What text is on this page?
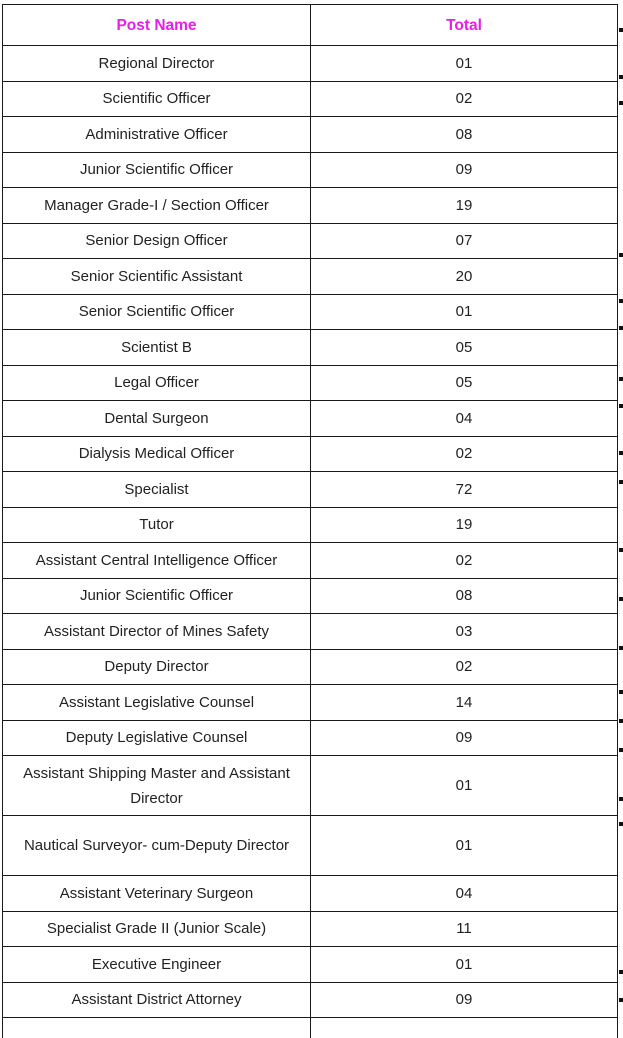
Post Name	Total
Regional Director	01
Scientific Officer	02
Administrative Officer	08
Junior Scientific Officer	09
Manager Grade-I / Section Officer	19
Senior Design Officer	07
Senior Scientific Assistant	20
Senior Scientific Officer	01
Scientist B	05
Legal Officer	05
Dental Surgeon	04
Dialysis Medical Officer	02
Specialist	72
Tutor	19
Assistant Central Intelligence Officer	02
Junior Scientific Officer	08
Assistant Director of Mines Safety	03
Deputy Director	02
Assistant Legislative Counsel	14
Deputy Legislative Counsel	09
Assistant Shipping Master and Assistant Director	01
Nautical Surveyor- cum-Deputy Director	01
Assistant Veterinary Surgeon	04
Specialist Grade II (Junior Scale)	11
Executive Engineer	01
Assistant District Attorney	09
